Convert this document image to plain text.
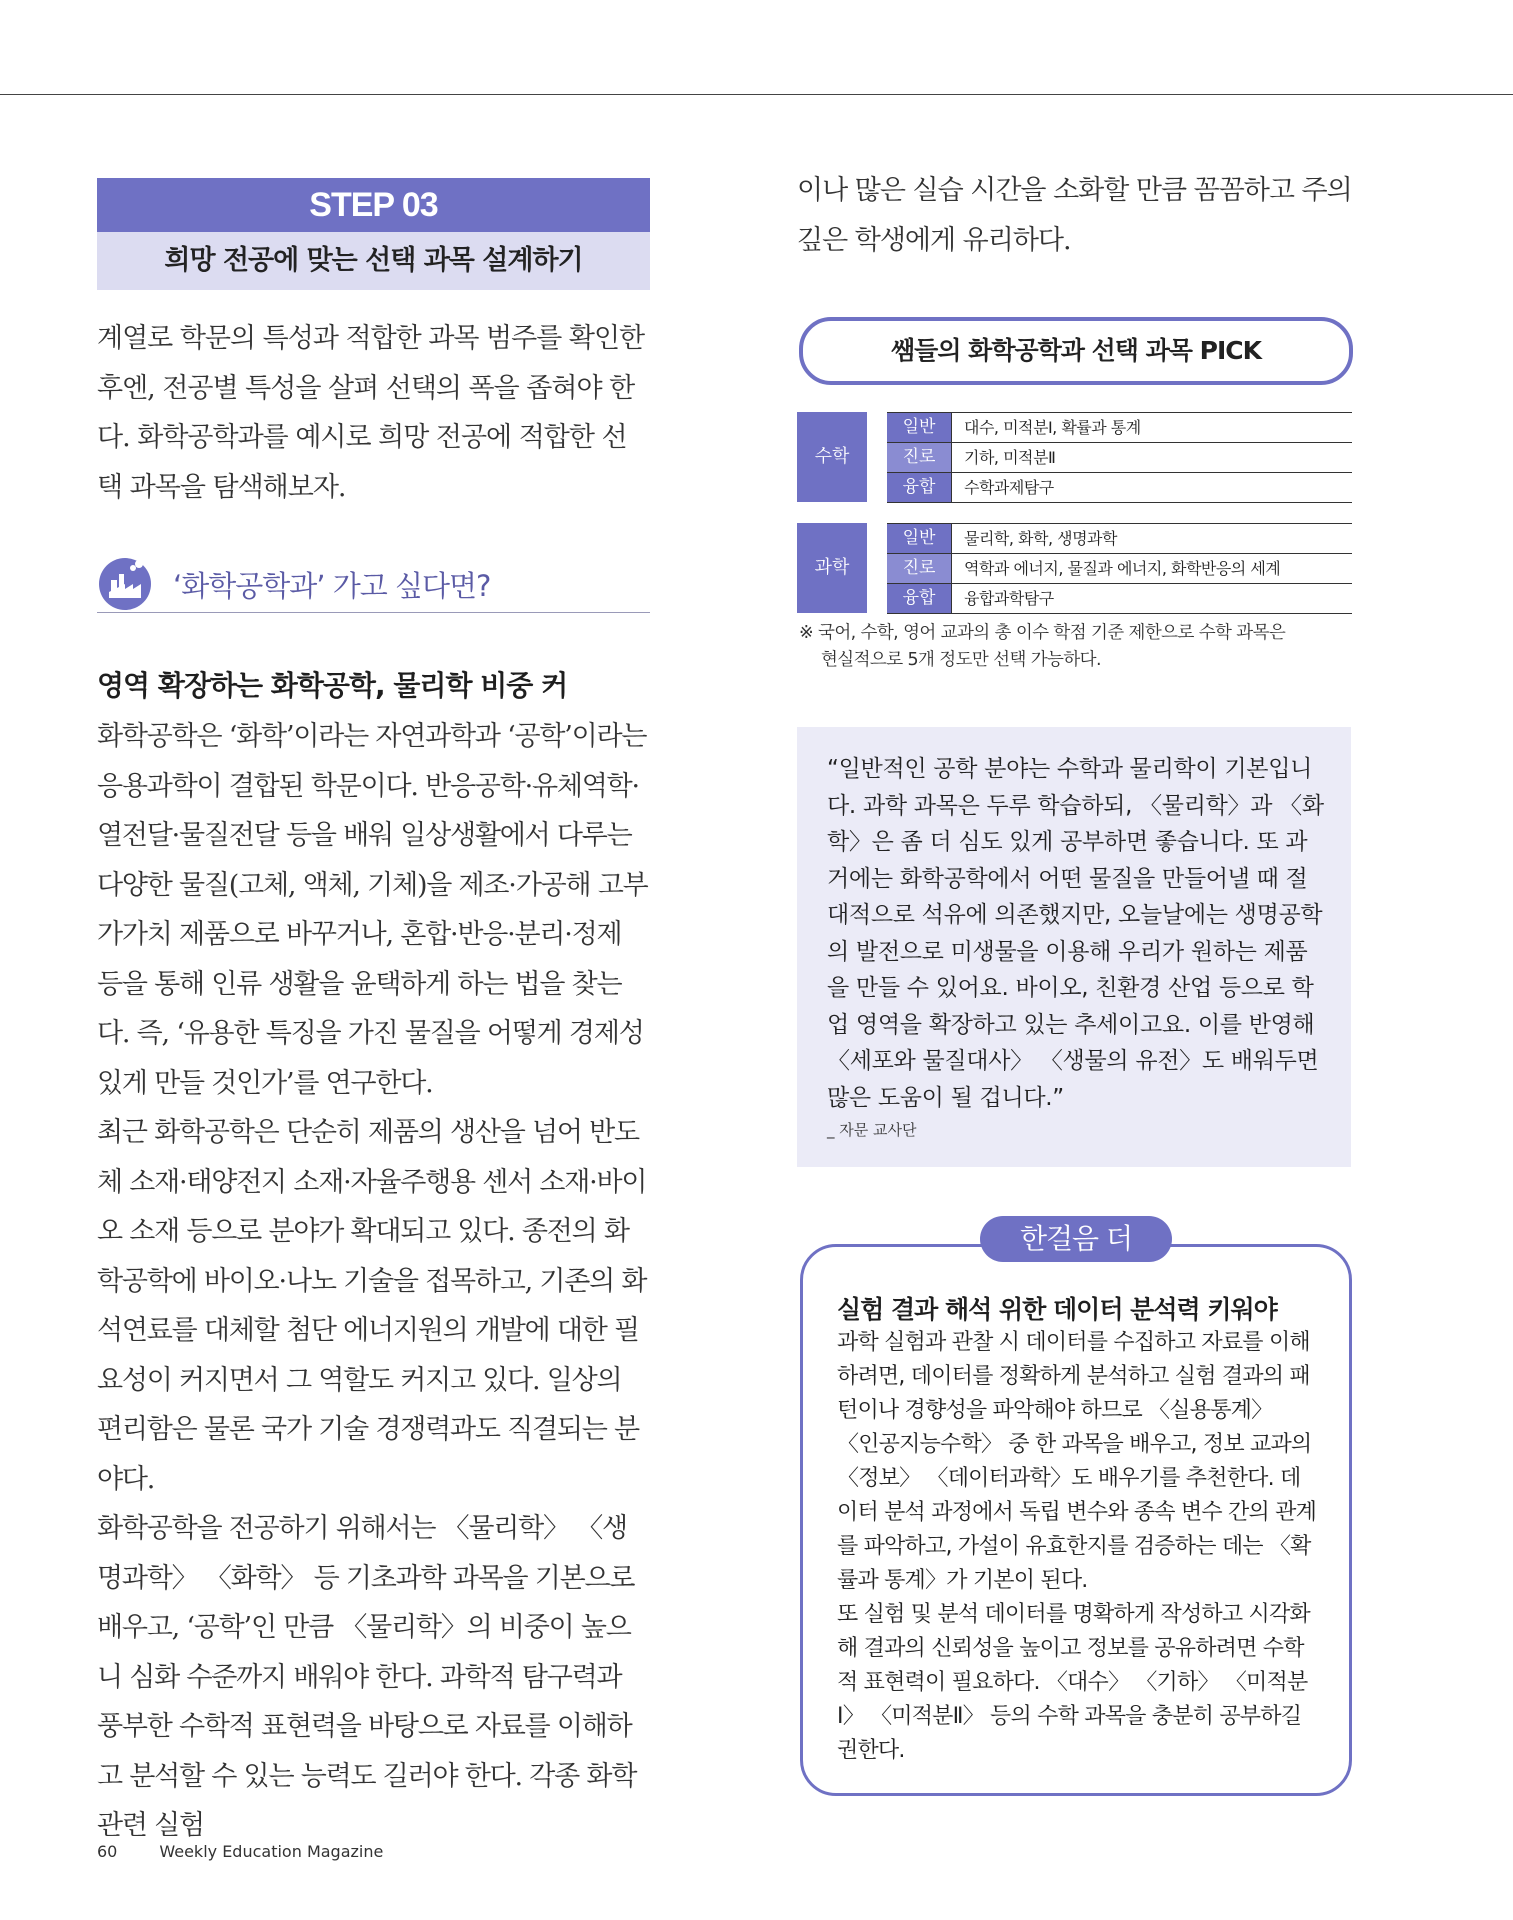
STEP 03
희망 전공에 맞는 선택 과목 설계하기

계열로 학문의 특성과 적합한 과목 범주를 확인한 후엔, 전공별 특성을 살펴 선택의 폭을 좁혀야 한다. 화학공학과를 예시로 희망 전공에 적합한 선택 과목을 탐색해보자.

‘화학공학과’ 가고 싶다면?
영역 확장하는 화학공학, 물리학 비중 커

화학공학은 ‘화학’이라는 자연과학과 ‘공학’이라는 응용과학이 결합된 학문이다. 반응공학·유체역학·열전달·물질전달 등을 배워 일상생활에서 다루는 다양한 물질(고체, 액체, 기체)을 제조·가공해 고부가가치 제품으로 바꾸거나, 혼합·반응·분리·정제 등을 통해 인류 생활을 윤택하게 하는 법을 찾는다. 즉, ‘유용한 특징을 가진 물질을 어떻게 경제성 있게 만들 것인가’를 연구한다.

최근 화학공학은 단순히 제품의 생산을 넘어 반도체 소재·태양전지 소재·자율주행용 센서 소재·바이오 소재 등으로 분야가 확대되고 있다. 종전의 화학공학에 바이오·나노 기술을 접목하고, 기존의 화석연료를 대체할 첨단 에너지원의 개발에 대한 필요성이 커지면서 그 역할도 커지고 있다. 일상의 편리함은 물론 국가 기술 경쟁력과도 직결되는 분야다.

화학공학을 전공하기 위해서는 〈물리학〉 〈생명과학〉 〈화학〉 등 기초과학 과목을 기본으로 배우고, ‘공학’인 만큼 〈물리학〉의 비중이 높으니 심화 수준까지 배워야 한다. 과학적 탐구력과 풍부한 수학적 표현력을 바탕으로 자료를 이해하고 분석할 수 있는 능력도 길러야 한다. 각종 화학 관련 실험

60	Weekly Education Magazine

이나 많은 실습 시간을 소화할 만큼 꼼꼼하고 주의 깊은 학생에게 유리하다.

쌤들의 화학공학과 선택 과목 PICK
수학
일반	대수, 미적분Ⅰ, 확률과 통계
진로	기하, 미적분Ⅱ
융합	수학과제탐구
과학
일반	물리학, 화학, 생명과학
진로	역학과 에너지, 물질과 에너지, 화학반응의 세계
융합	융합과학탐구
※ 국어, 수학, 영어 교과의 총 이수 학점 기준 제한으로 수학 과목은
현실적으로 5개 정도만 선택 가능하다.

“일반적인 공학 분야는 수학과 물리학이 기본입니다. 과학 과목은 두루 학습하되, 〈물리학〉과 〈화학〉은 좀 더 심도 있게 공부하면 좋습니다. 또 과거에는 화학공학에서 어떤 물질을 만들어낼 때 절대적으로 석유에 의존했지만, 오늘날에는 생명공학의 발전으로 미생물을 이용해 우리가 원하는 제품을 만들 수 있어요. 바이오, 친환경 산업 등으로 학업 영역을 확장하고 있는 추세이고요. 이를 반영해 〈세포와 물질대사〉 〈생물의 유전〉도 배워두면 많은 도움이 될 겁니다.”

_ 자문 교사단
한걸음 더
실험 결과 해석 위한 데이터 분석력 키워야

과학 실험과 관찰 시 데이터를 수집하고 자료를 이해하려면, 데이터를 정확하게 분석하고 실험 결과의 패턴이나 경향성을 파악해야 하므로 〈실용통계〉 〈인공지능수학〉 중 한 과목을 배우고, 정보 교과의 〈정보〉 〈데이터과학〉도 배우기를 추천한다. 데이터 분석 과정에서 독립 변수와 종속 변수 간의 관계를 파악하고, 가설이 유효한지를 검증하는 데는 〈확률과 통계〉가 기본이 된다.

또 실험 및 분석 데이터를 명확하게 작성하고 시각화해 결과의 신뢰성을 높이고 정보를 공유하려면 수학적 표현력이 필요하다. 〈대수〉 〈기하〉 〈미적분Ⅰ〉 〈미적분Ⅱ〉 등의 수학 과목을 충분히 공부하길 권한다.
